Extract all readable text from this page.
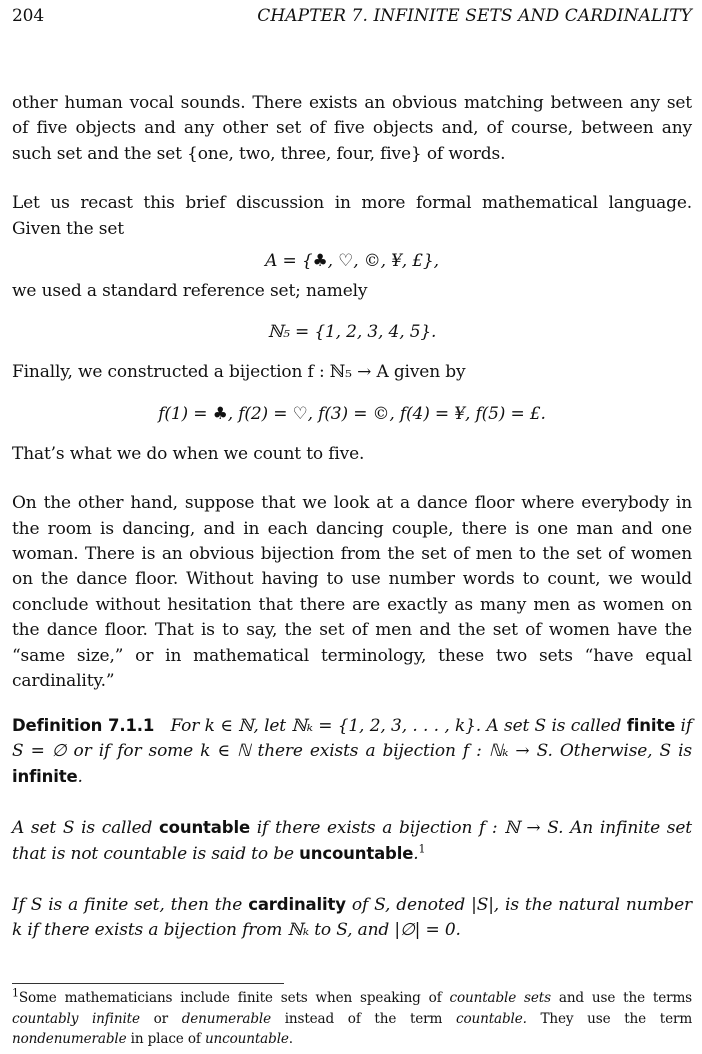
204	CHAPTER 7. INFINITE SETS AND CARDINALITY

other human vocal sounds. There exists an obvious matching between any set of five objects and any other set of five objects and, of course, between any such set and the set {one, two, three, four, five} of words.

Let us recast this brief discussion in more formal mathematical language. Given the set

A = {♣, ♡, ©, ¥, £},

we used a standard reference set; namely

ℕ₅ = {1, 2, 3, 4, 5}.

Finally, we constructed a bijection f : ℕ₅ → A given by

f(1) = ♣, f(2) = ♡, f(3) = ©, f(4) = ¥, f(5) = £.

That’s what we do when we count to five.

On the other hand, suppose that we look at a dance floor where everybody in the room is dancing, and in each dancing couple, there is one man and one woman. There is an obvious bijection from the set of men to the set of women on the dance floor. Without having to use number words to count, we would conclude without hesitation that there are exactly as many men as women on the dance floor. That is to say, the set of men and the set of women have the “same size,” or in mathematical terminology, these two sets “have equal cardinality.”

Definition 7.1.1 For k ∈ ℕ, let ℕₖ = {1, 2, 3, . . . , k}. A set S is called finite if S = ∅ or if for some k ∈ ℕ there exists a bijection f : ℕₖ → S. Otherwise, S is infinite.

A set S is called countable if there exists a bijection f : ℕ → S. An infinite set that is not countable is said to be uncountable.$^1$

If S is a finite set, then the cardinality of S, denoted |S|, is the natural number k if there exists a bijection from ℕₖ to S, and |∅| = 0.

$^1$Some mathematicians include finite sets when speaking of countable sets and use the terms countably infinite or denumerable instead of the term countable. They use the term nondenumerable in place of uncountable.
